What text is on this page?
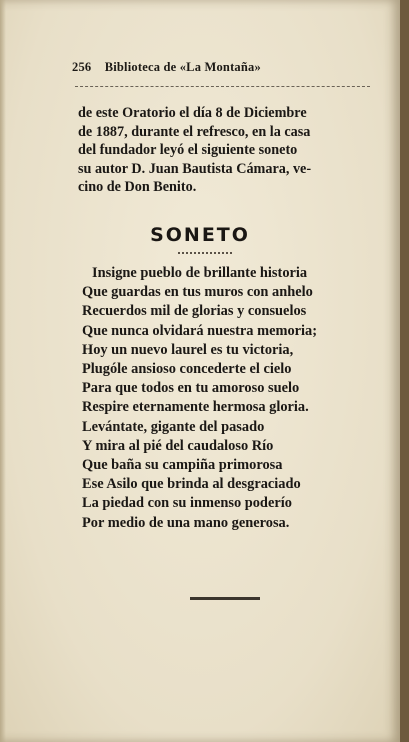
256 Biblioteca de «La Montaña»
de este Oratorio el día 8 de Diciembre
de 1887, durante el refresco, en la casa
del fundador leyó el siguiente soneto
su autor D. Juan Bautista Cámara, ve-
cino de Don Benito.
SONETO
Insigne pueblo de brillante historia
Que guardas en tus muros con anhelo
Recuerdos mil de glorias y consuelos
Que nunca olvidará nuestra memoria;
Hoy un nuevo laurel es tu victoria,
Plugóle ansioso concederte el cielo
Para que todos en tu amoroso suelo
Respire eternamente hermosa gloria.
Levántate, gigante del pasado
Y mira al pié del caudaloso Río
Que baña su campiña primorosa
Ese Asilo que brinda al desgraciado
La piedad con su inmenso poderío
Por medio de una mano generosa.
